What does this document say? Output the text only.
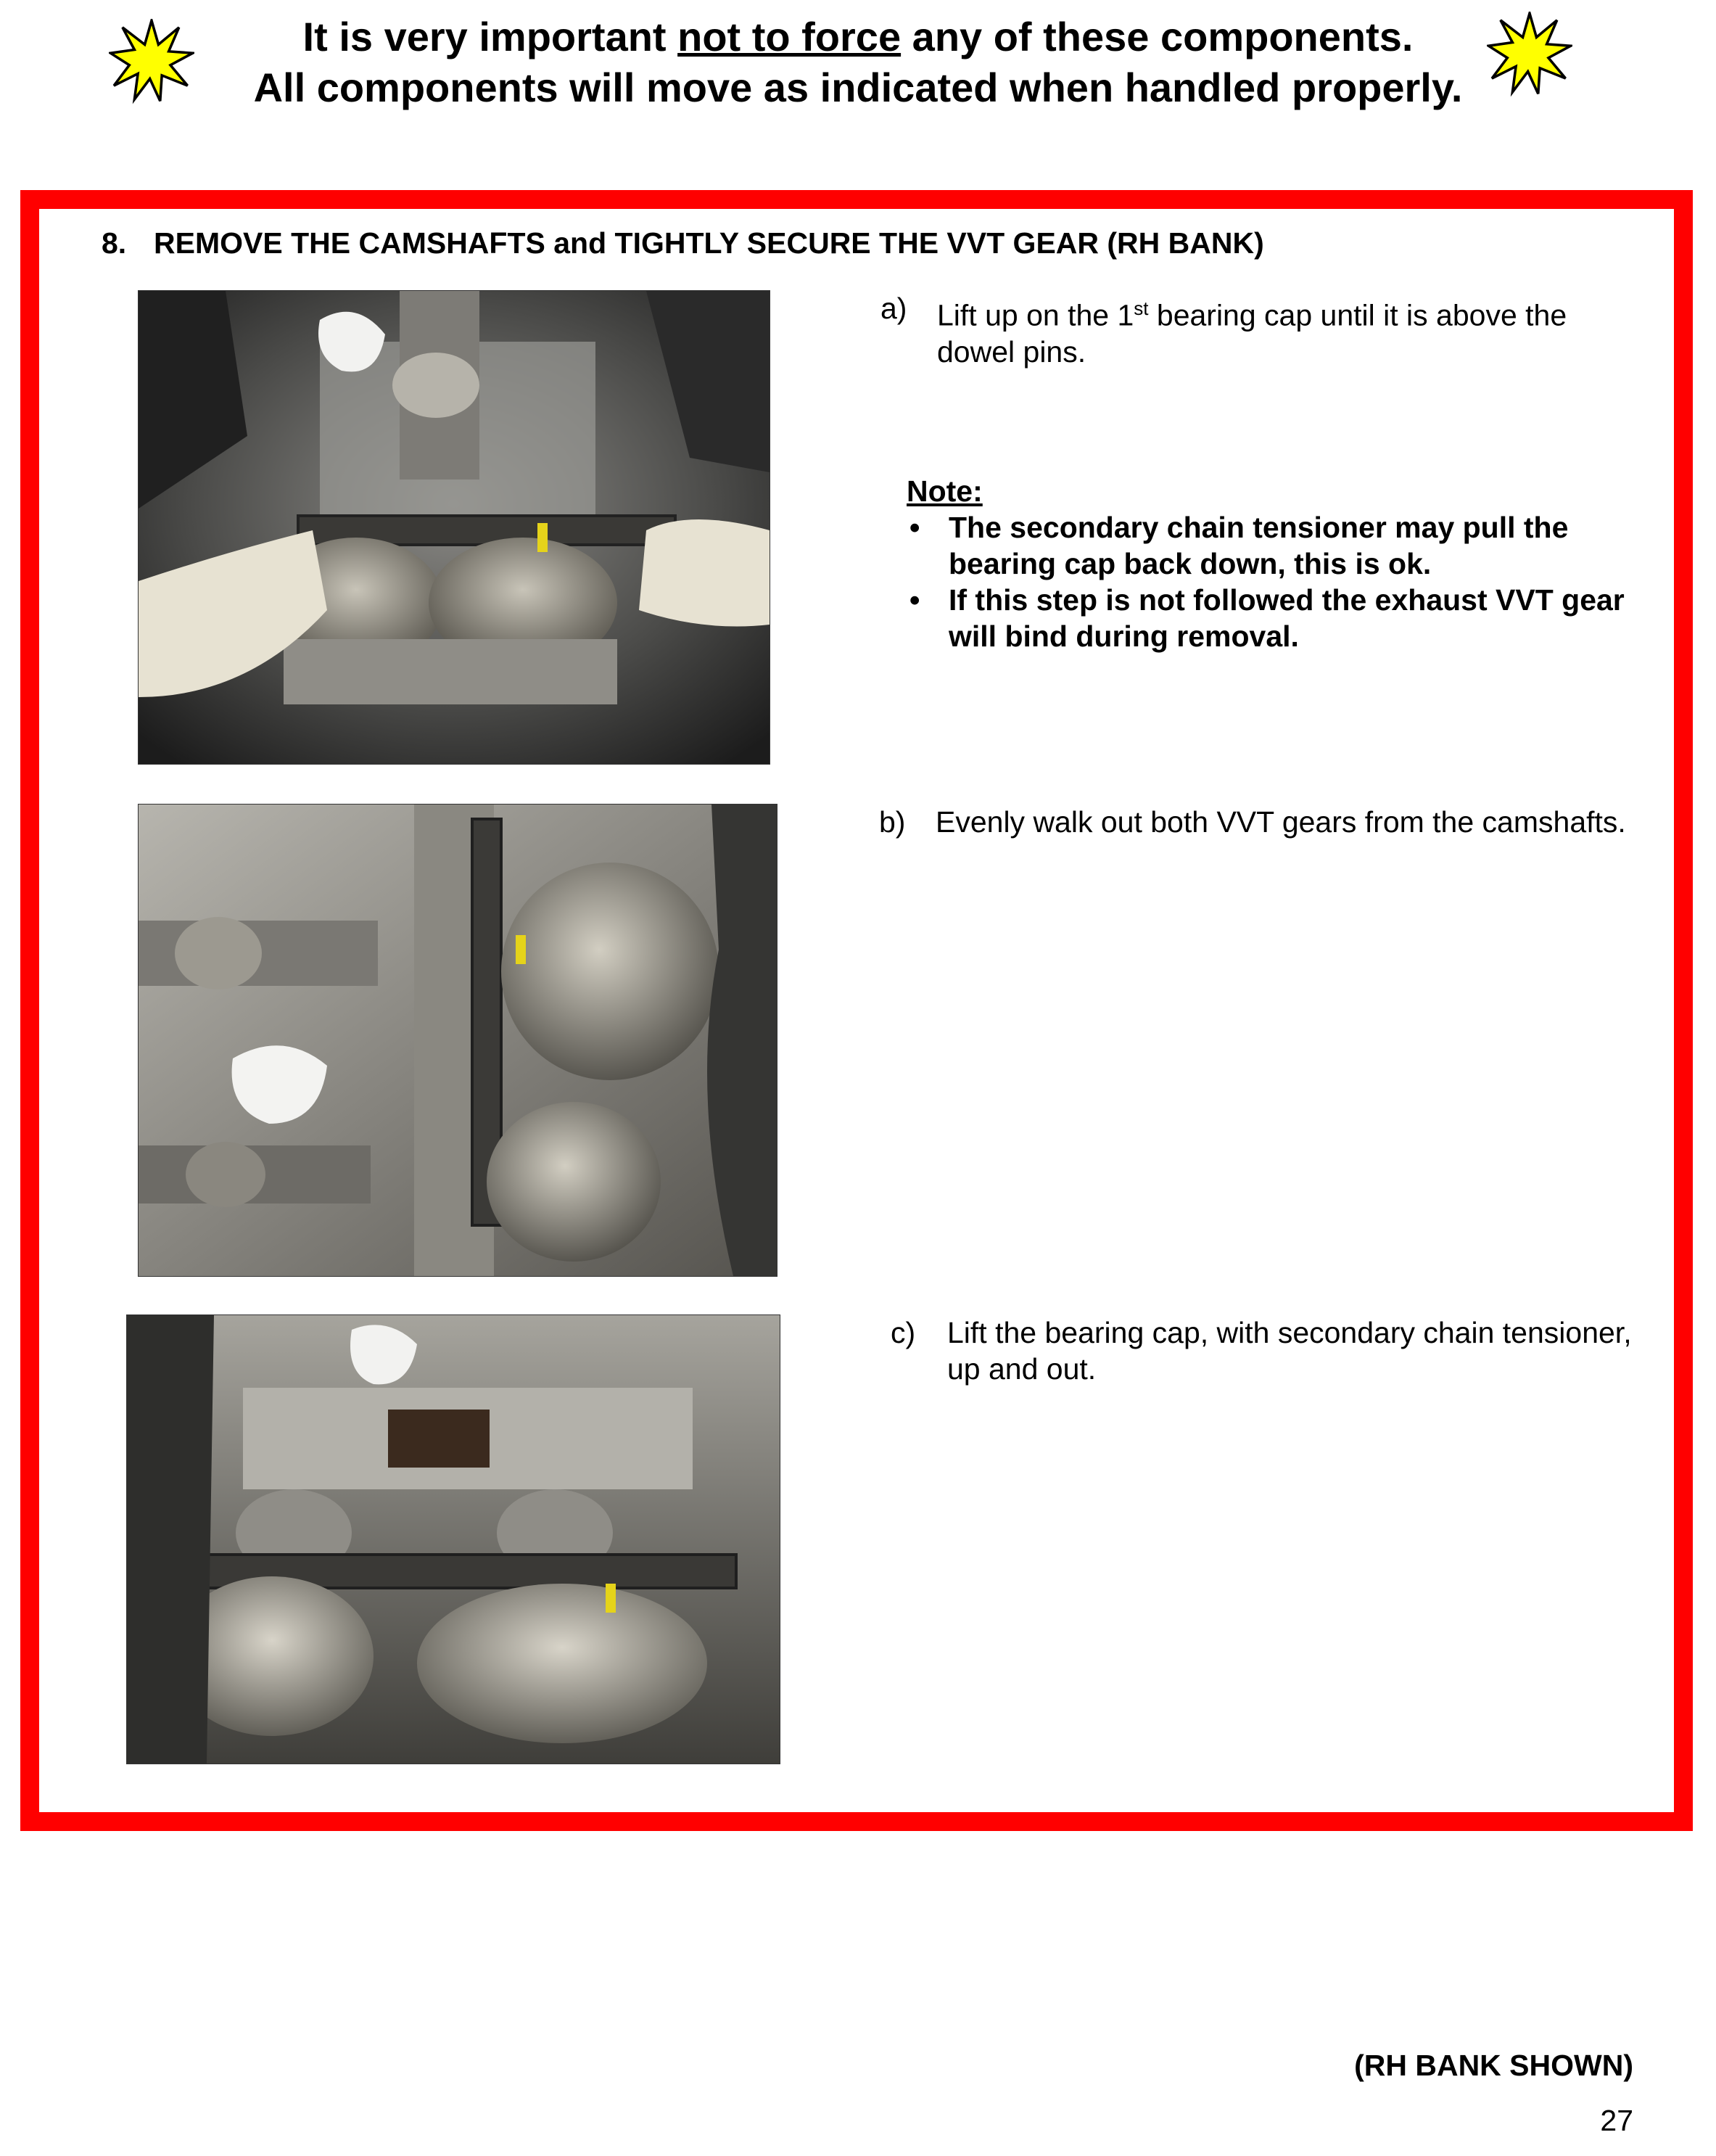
It is very important not to force any of these components.
All components will move as indicated when handled properly.
8. REMOVE THE CAMSHAFTS and TIGHTLY SECURE THE VVT GEAR (RH BANK)
a)	Lift up on the 1st bearing cap until it is above the dowel pins.
Note:
• The secondary chain tensioner may pull the bearing cap back down, this is ok.
• If this step is not followed the exhaust VVT gear will bind during removal.
b)	Evenly walk out both VVT gears from the camshafts.
c)	Lift the bearing cap, with secondary chain tensioner, up and out.
(RH BANK SHOWN)
27
